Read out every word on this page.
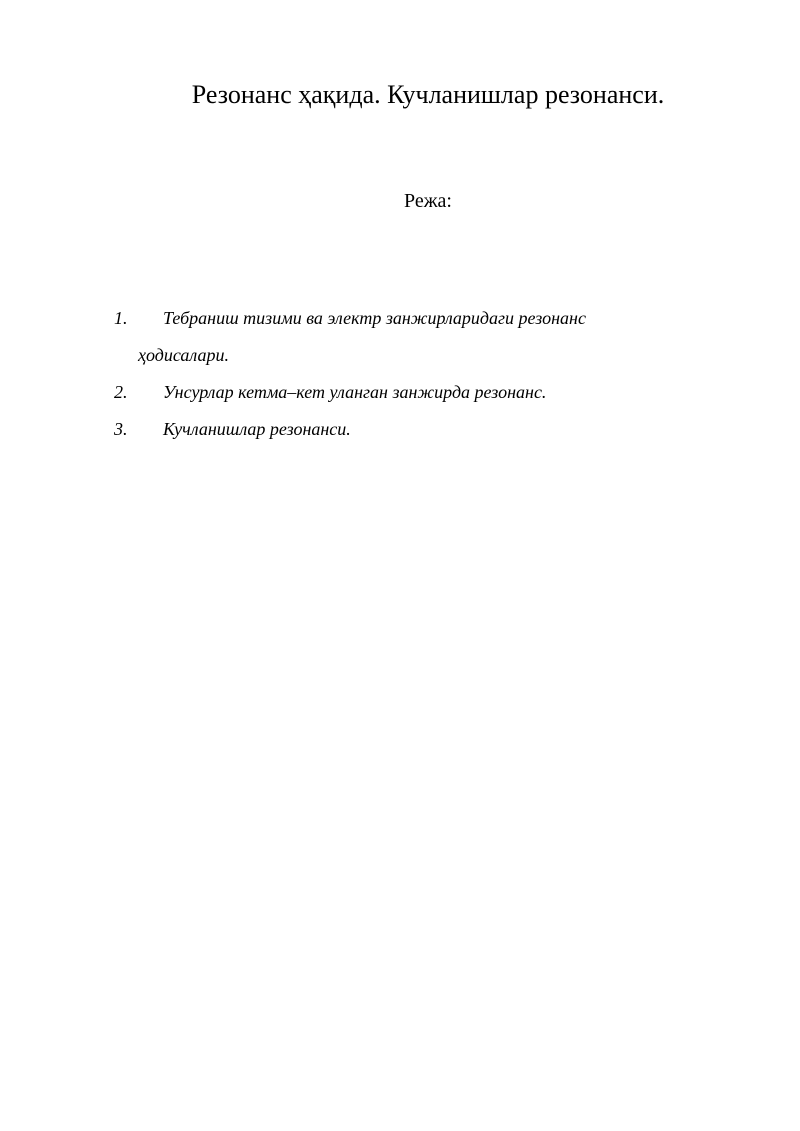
Резонанс ҳақида. Кучланишлар резонанси.
Режа:
1. Тебраниш тизими ва электр занжирларидаги резонанс
ҳодисалари.
2. Унсурлар кетма–кет уланган занжирда резонанс.
3. Кучланишлар резонанси.
